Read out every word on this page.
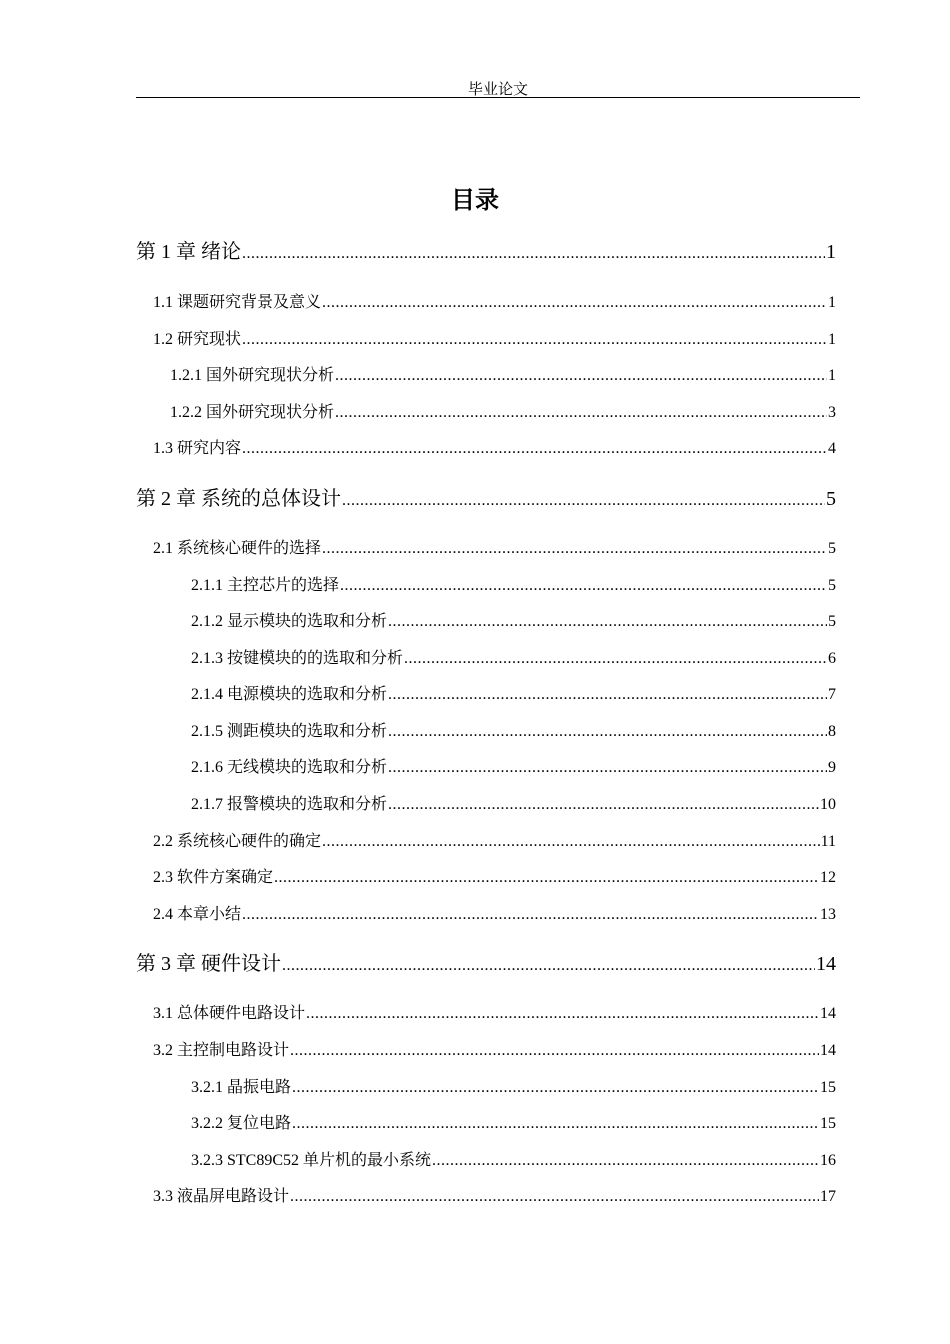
毕业论文
目录
第 1 章 绪论 .....	1
1.1 课题研究背景及意义 .....	1
1.2 研究现状 .....	1
1.2.1 国外研究现状分析 .....	1
1.2.2 国外研究现状分析 .....	3
1.3 研究内容 .....	4
第 2 章 系统的总体设计 .....	5
2.1 系统核心硬件的选择 .....	5
2.1.1 主控芯片的选择 .....	5
2.1.2 显示模块的选取和分析 .....	5
2.1.3 按键模块的的选取和分析 .....	6
2.1.4 电源模块的选取和分析 .....	7
2.1.5 测距模块的选取和分析 .....	8
2.1.6 无线模块的选取和分析 .....	9
2.1.7 报警模块的选取和分析 .....	10
2.2 系统核心硬件的确定 .....	11
2.3 软件方案确定 .....	12
2.4 本章小结 .....	13
第 3 章 硬件设计 .....	14
3.1 总体硬件电路设计 .....	14
3.2 主控制电路设计 .....	14
3.2.1 晶振电路 .....	15
3.2.2 复位电路 .....	15
3.2.3 STC89C52 单片机的最小系统 .....	16
3.3 液晶屏电路设计 .....	17
